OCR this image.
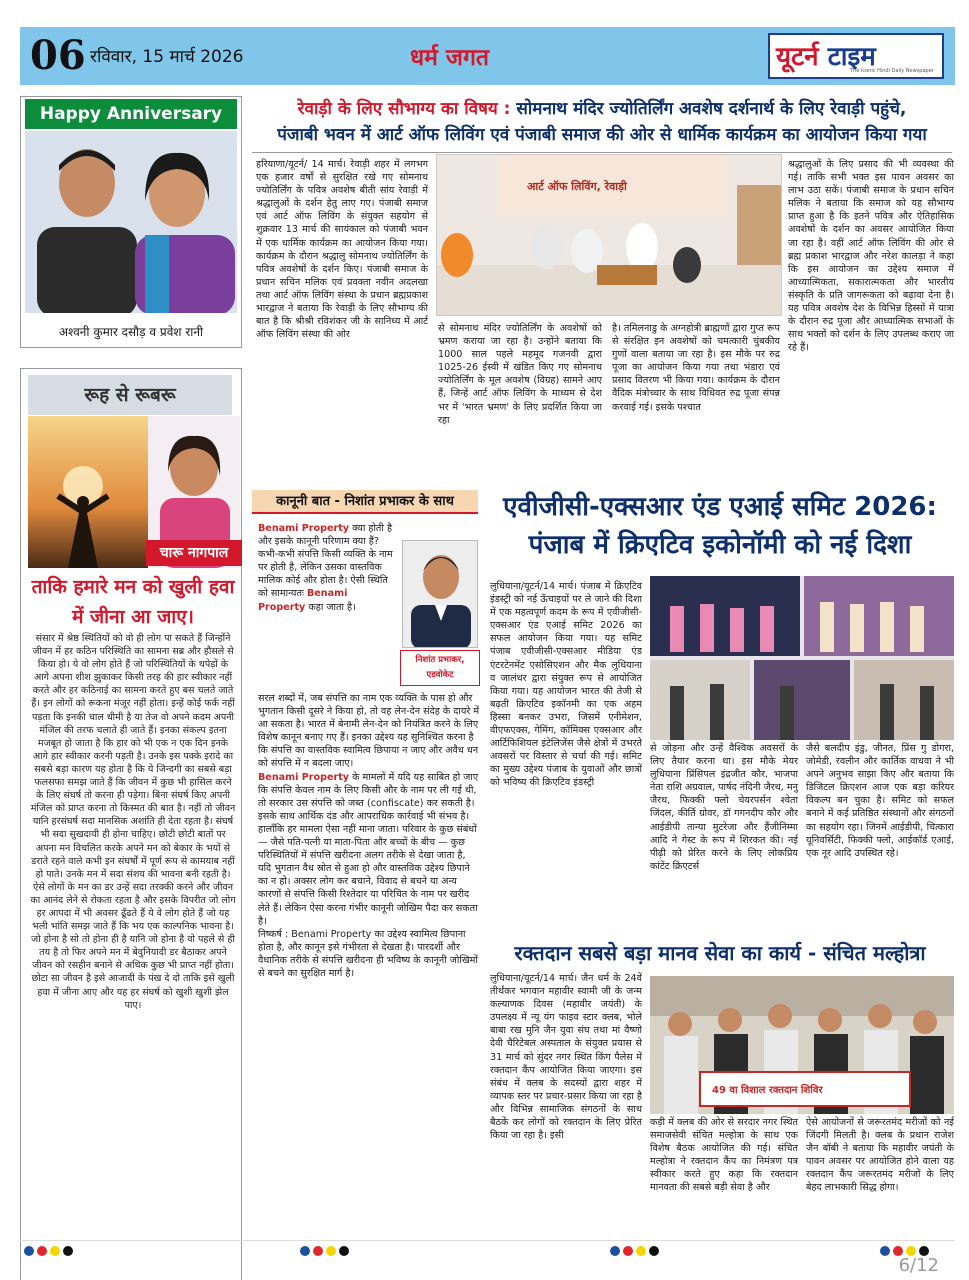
06 रविवार, 15 मार्च 2026	धर्म जगत	यूटर्न टाइम
The Iconic Hindi Daily Newspaper
Happy Anniversary
अश्वनी कुमार दसौड़ व प्रवेश रानी
रूह से रूबरू
चारू नागपाल
ताकि हमारे मन को खुली हवा में जीना आ जाए।
संसार में श्रेष्ठ स्थितियों को वो ही लोग पा सकते हैं जिन्होंने जीवन में हर कठिन परिस्थिति का सामना सब्र और हौसले से किया हो। ये वो लोग होते हैं जो परिस्थितियों के थपेड़ों के आगे अपना शीश झुकाकर किसी तरह की हार स्वीकार नहीं करते और हर कठिनाई का सामना करते हुए बस चलते जाते हैं। इन लोगों को रूकना मंजूर नहीं होता। इन्हें कोई फर्क नहीं पड़ता कि इनकी चाल धीमी है या तेज वो अपने कदम अपनी मंजिल की तरफ चलाते ही जाते हैं। इनका संकल्प इतना मजबूत हो जाता है कि हार को भी एक न एक दिन इनके आगे हार स्वीकार करनी पड़ती है। उनके इस पक्के इरादे का सबसे बड़ा कारण यह होता है कि ये जिन्दगी का सबसे बड़ा फलसफा समझ जाते हैं कि जीवन में कुछ भी हासिल करने के लिए संघर्ष तो करना ही पड़ेगा। बिना संघर्ष किए अपनी मंजिल को प्राप्त करना तो किस्मत की बात है। नहीं तो जीवन यानि हरसंघर्ष सदा मानसिक अशांति ही देता रहता है। संघर्ष भी सदा सुखदायी ही होना चाहिए। छोटी छोटी बातों पर अपना मन विचलित करके अपने मन को बेकार के भयों से डराते रहने वाले कभी इन संघर्षों में पूर्ण रूप से कामयाब नहीं हो पाते। उनके मन में सदा संशय की भावना बनी रहती है। ऐसे लोगों के मन का डर उन्हें सदा तरक्की करने और जीवन का आनंद लेने से रोकता रहता है और इसके विपरीत जो लोग हर आपदा में भी अवसर ढूँढते हैं ये वे लोग होते हैं जो यह भली भांति समझ जाते हैं कि भय एक काल्पनिक भावना है। जो होना है सो तो होना ही है यानि जो होना है वो पहले से ही तय है तो फिर अपने मन में बेवुनियादी डर बैठाकर अपने जीवन को रसहीन बनाने से अधिक कुछ भी प्राप्त नहीं होता। छोटा सा जीवन है इसे आजादी के पंख दे दो ताकि इसे खुली हवा में जीना आए और यह हर संघर्ष को खुशी खुशी झेल पाए।
रेवाड़ी के लिए सौभाग्य का विषय : सोमनाथ मंदिर ज्योतिर्लिंग अवशेष दर्शनार्थ के लिए रेवाड़ी पहुंचे,
पंजाबी भवन में आर्ट ऑफ लिविंग एवं पंजाबी समाज की ओर से धार्मिक कार्यक्रम का आयोजन किया गया
हरियाणा/यूटर्न/ 14 मार्च। रेवाड़ी शहर में लगभग एक हजार वर्षों से सुरक्षित रखे गए सोमनाथ ज्योतिर्लिंग के पवित्र अवशेष बीती सांय रेवाड़ी में श्रद्धालुओं के दर्शन हेतु लाए गए। पंजाबी समाज एवं आर्ट ऑफ लिविंग के संयुक्त सहयोग से शुक्रवार 13 मार्च की सायंकाल को पंजाबी भवन में एक धार्मिक कार्यक्रम का आयोजन किया गया। कार्यक्रम के दौरान श्रद्धालु सोमनाथ ज्योतिर्लिंग के पवित्र अवशेषों के दर्शन किए। पंजाबी समाज के प्रधान सचिन मलिक एवं प्रवक्ता नवीन अदलखा तथा आर्ट ऑफ लिविंग संस्था के प्रधान ब्रह्मप्रकाश भारद्वाज ने बताया कि रेवाड़ी के लिए सौभाग्य की बात है कि श्रीश्री रविशंकर जी के सानिध्य में आर्ट ऑफ लिविंग संस्था की ओर
आर्ट ऑफ लिविंग, रेवाड़ी
से सोमनाथ मंदिर ज्योतिर्लिंग के अवशेषों को भ्रमण कराया जा रहा है। उन्होंने बताया कि 1000 साल पहले महमूद गजनवी द्वारा 1025-26 ईस्वी में खंडित किए गए सोमनाथ ज्योतिर्लिंग के मूल अवशेष (विग्रह) सामने आए हैं, जिन्हें आर्ट ऑफ लिविंग के माध्यम से देश भर में 'भारत भ्रमण' के लिए प्रदर्शित किया जा रहा
है। तमिलनाडु के अग्नहोत्री ब्राह्मणों द्वारा गुप्त रूप से संरक्षित इन अवशेषों को चमत्कारी चुंबकीय गुणों वाला बताया जा रहा है। इस मौके पर रुद्र पूजा का आयोजन किया गया तथा भंडारा एवं प्रसाद वितरण भी किया गया। कार्यक्रम के दौरान वैदिक मंत्रोच्चार के साथ विधिवत रुद्र पूजा संपन्न करवाई गई। इसके पश्चात
श्रद्धालुओं के लिए प्रसाद की भी व्यवस्था की गई। ताकि सभी भक्त इस पावन अवसर का लाभ उठा सकें। पंजाबी समाज के प्रधान सचिन मलिक ने बताया कि समाज को यह सौभाग्य प्राप्त हुआ है कि इतने पवित्र और ऐतिहासिक अवशेषों के दर्शन का अवसर आयोजित किया जा रहा है। वहीं आर्ट ऑफ लिविंग की ओर से ब्रह्म प्रकाश भारद्वाज और नरेश कालड़ा ने कहा कि इस आयोजन का उद्देश्य समाज में आध्यात्मिकता, सकारात्मकता और भारतीय संस्कृति के प्रति जागरूकता को बढ़ावा देना है। यह पवित्र अवशेष देश के विभिन्न हिस्सों में यात्रा के दौरान रुद्र पूजा और आध्यात्मिक सभाओं के साथ भक्तों को दर्शन के लिए उपलब्ध कराए जा रहे हैं।
कानूनी बात - निशांत प्रभाकर के साथ
Benami Property क्या होती है और इसके कानूनी परिणाम क्या हैं? कभी-कभी संपत्ति किसी व्यक्ति के नाम पर होती है, लेकिन उसका वास्तविक मालिक कोई और होता है। ऐसी स्थिति को सामान्यतः Benami Property कहा जाता है।
निशांत प्रभाकर,
एडवोकेट

सरल शब्दों में, जब संपत्ति का नाम एक व्यक्ति के पास हो और भुगतान किसी दूसरे ने किया हो, तो वह लेन-देन संदेह के दायरे में आ सकता है। भारत में बेनामी लेन-देन को नियंत्रित करने के लिए विशेष कानून बनाए गए हैं। इनका उद्देश्य यह सुनिश्चित करना है कि संपत्ति का वास्तविक स्वामित्व छिपाया न जाए और अवैध धन को संपत्ति में न बदला जाए।

Benami Property के मामलों में यदि यह साबित हो जाए कि संपत्ति केवल नाम के लिए किसी और के नाम पर ली गई थी, तो सरकार उस संपत्ति को जब्त (confiscate) कर सकती है। इसके साथ आर्थिक दंड और आपराधिक कार्रवाई भी संभव है। हालाँकि हर मामला ऐसा नहीं माना जाता। परिवार के कुछ संबंधों — जैसे पति-पत्नी या माता-पिता और बच्चों के बीच — कुछ परिस्थितियों में संपत्ति खरीदना अलग तरीके से देखा जाता है, यदि भुगतान वैध स्रोत से हुआ हो और वास्तविक उद्देश्य छिपाने का न हो। अक्सर लोग कर बचाने, विवाद से बचने या अन्य कारणों से संपत्ति किसी रिश्तेदार या परिचित के नाम पर खरीद लेते हैं। लेकिन ऐसा करना गंभीर कानूनी जोखिम पैदा कर सकता है।

निष्कर्ष : Benami Property का उद्देश्य स्वामित्व छिपाना होता है, और कानून इसे गंभीरता से देखता है। पारदर्शी और वैधानिक तरीके से संपत्ति खरीदना ही भविष्य के कानूनी जोखिमों से बचने का सुरक्षित मार्ग है।

एवीजीसी-एक्सआर एंड एआई समिट 2026:
पंजाब में क्रिएटिव इकोनॉमी को नई दिशा
लुधियाना/यूटर्न/14 मार्च। पंजाब में क्रिएटिव इंडस्ट्री को नई ऊँचाइयों पर ले जाने की दिशा में एक महत्वपूर्ण कदम के रूप में एवीजीसी-एक्सआर एंड एआई समिट 2026 का सफल आयोजन किया गया। यह समिट पंजाब एवीजीसी-एक्सआर मीडिया एंड एंटरटेनमेंट एसोसिएशन और मैक लुधियाना व जालंधर द्वारा संयुक्त रूप से आयोजित किया गया। यह आयोजन भारत की तेजी से बढ़ती क्रिएटिव इकॉनमी का एक अहम हिस्सा बनकर उभरा, जिसमें एनीमेशन, वीएफएक्स, गेमिंग, कॉमिक्स एक्सआर और आर्टिफिशियल इंटेलिजेंस जैसे क्षेत्रों में उभरते अवसरों पर विस्तार से चर्चा की गई। समिट का मुख्य उद्देश्य पंजाब के युवाओं और छात्रों को भविष्य की क्रिएटिव इंडस्ट्री
से जोड़ना और उन्हें वैश्विक अवसरों के लिए तैयार करना था। इस मौके मेयर लुधियाना प्रिंसिपल इंद्रजीत कौर, भाजपा नेता राशि अग्रवाल, पार्षद नंदिनी जैरथ, मनु जैरथ, फिक्की फ्लो चेयरपर्सन श्वेता जिंदल, कीर्ति ग्रोवर, डॉ गगनदीप कौर और आईडीपी तान्या मुटरेजा और हैंजीनिम्मा आदि ने गेस्ट के रूप में शिरकत की। नई पीढ़ी को प्रेरित करने के लिए लोकप्रिय कांटेंट क्रिएटर्स
जैसे बलदीप इंडु, जीनत, प्रिंस गु डोगरा, जोमेडी, रवलीन और कार्तिक वाधवा ने भी अपने अनुभव साझा किए और बताया कि डिजिटल क्रिएशन आज एक बड़ा करियर विकल्प बन चुका है। समिट को सफल बनाने में कई प्रतिष्ठित संस्थानों और संगठनों का सहयोग रहा। जिनमें आईडीपी, चित्कारा यूनिवर्सिटी, फिक्की फ्लो, आईकॉर्ड एआई, एक नूर आदि उपस्थित रहे।
रक्तदान सबसे बड़ा मानव सेवा का कार्य - संचित मल्होत्रा
लुधियाना/यूटर्न/14 मार्च। जैन धर्म के 24वें तीर्थंकर भगवान महावीर स्वामी जी के जन्म कल्याणक दिवस (महावीर जयंती) के उपलक्ष्य में न्यू यंग फाइव स्टार क्लब, भोले बाबा रख मुनि जैन युवा संघ तथा मां वैष्णो देवी चैरिटेबल अस्पताल के संयुक्त प्रयास से 31 मार्च को सुंदर नगर स्थित किंग पैलेस में रक्तदान कैंप आयोजित किया जाएगा। इस संबंध में क्लब के सदस्यों द्वारा शहर में व्यापक स्तर पर प्रचार-प्रसार किया जा रहा है और विभिन्न सामाजिक संगठनों के साथ बैठकें कर लोगों को रक्तदान के लिए प्रेरित किया जा रहा है। इसी
49 वा विशाल रक्तदान शिविर
कड़ी में क्लब की ओर से सरदार नगर स्थित समाजसेवी संचित मल्होत्रा के साथ एक विशेष बैठक आयोजित की गई। संचित मल्होत्रा ने रक्तदान कैंप का निमंत्रण पत्र स्वीकार करते हुए कहा कि रक्तदान मानवता की सबसे बड़ी सेवा है और
ऐसे आयोजनों से जरूरतमंद मरीजों को नई जिंदगी मिलती है। क्लब के प्रधान राजेश जैन बॉबी ने बताया कि महावीर जयंती के पावन अवसर पर आयोजित होने वाला यह रक्तदान कैंप जरूरतमंद मरीजों के लिए बेहद लाभकारी सिद्ध होगा।
6/12
